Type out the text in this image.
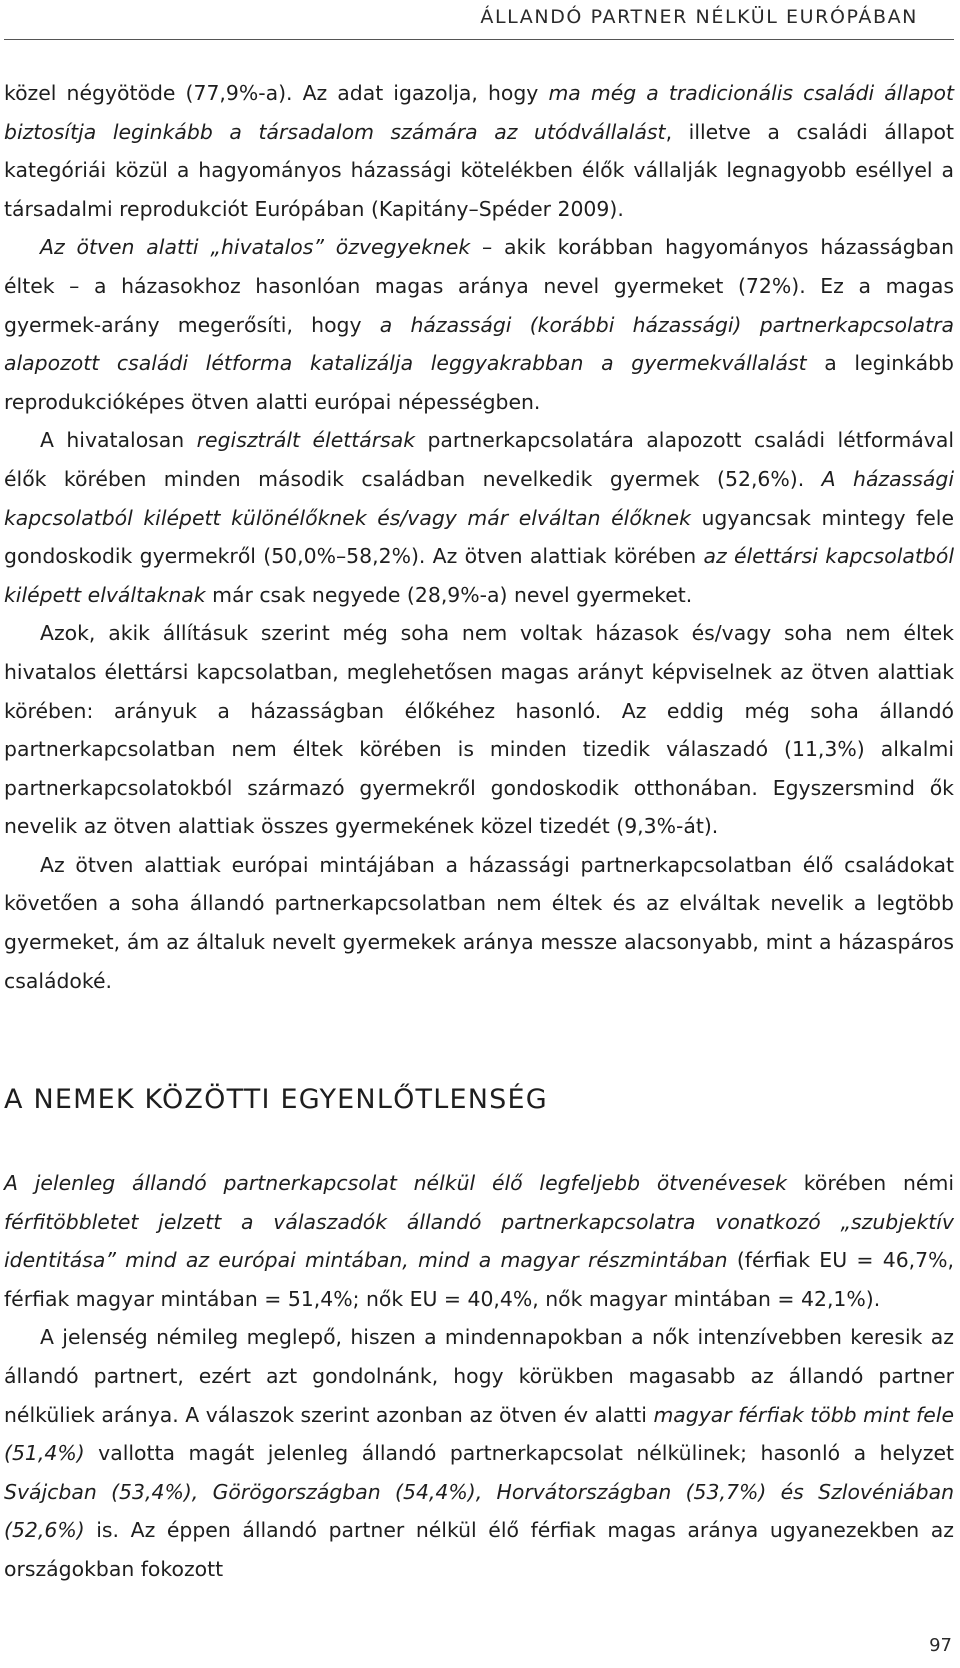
ÁLLANDÓ PARTNER NÉLKÜL EURÓPÁBAN

közel négyötöde (77,9%-a). Az adat igazolja, hogy ma még a tradicionális családi állapot biztosítja leginkább a társadalom számára az utódvállalást, illetve a családi állapot kategóriái közül a hagyományos házassági kötelékben élők vállalják legnagyobb eséllyel a társadalmi reprodukciót Európában (Kapitány–Spéder 2009).

Az ötven alatti „hivatalos” özvegyeknek – akik korábban hagyományos házasságban éltek – a házasokhoz hasonlóan magas aránya nevel gyermeket (72%). Ez a magas gyermek-arány megerősíti, hogy a házassági (korábbi házassági) partnerkapcsolatra alapozott családi létforma katalizálja leggyakrabban a gyermekvállalást a leginkább reprodukcióképes ötven alatti európai népességben.

A hivatalosan regisztrált élettársak partnerkapcsolatára alapozott családi létformával élők körében minden második családban nevelkedik gyermek (52,6%). A házassági kapcsolatból kilépett különélőknek és/vagy már elváltan élőknek ugyancsak mintegy fele gondoskodik gyermekről (50,0%–58,2%). Az ötven alattiak körében az élettársi kapcsolatból kilépett elváltaknak már csak negyede (28,9%-a) nevel gyermeket.

Azok, akik állításuk szerint még soha nem voltak házasok és/vagy soha nem éltek hivatalos élettársi kapcsolatban, meglehetősen magas arányt képviselnek az ötven alattiak körében: arányuk a házasságban élőkéhez hasonló. Az eddig még soha állandó partnerkapcsolatban nem éltek körében is minden tizedik válaszadó (11,3%) alkalmi partnerkapcsolatokból származó gyermekről gondoskodik otthonában. Egyszersmind ők nevelik az ötven alattiak összes gyermekének közel tizedét (9,3%-át).

Az ötven alattiak európai mintájában a házassági partnerkapcsolatban élő családokat követően a soha állandó partnerkapcsolatban nem éltek és az elváltak nevelik a legtöbb gyermeket, ám az általuk nevelt gyermekek aránya messze alacsonyabb, mint a házaspáros családoké.

A NEMEK KÖZÖTTI EGYENLŐTLENSÉG

A jelenleg állandó partnerkapcsolat nélkül élő legfeljebb ötvenévesek körében némi férfitöbbletet jelzett a válaszadók állandó partnerkapcsolatra vonatkozó „szubjektív identitása” mind az európai mintában, mind a magyar részmintában (férfiak EU = 46,7%, férfiak magyar mintában = 51,4%; nők EU = 40,4%, nők magyar mintában = 42,1%).

A jelenség némileg meglepő, hiszen a mindennapokban a nők intenzívebben keresik az állandó partnert, ezért azt gondolnánk, hogy körükben magasabb az állandó partner nélküliek aránya. A válaszok szerint azonban az ötven év alatti magyar férfiak több mint fele (51,4%) vallotta magát jelenleg állandó partnerkapcsolat nélkülinek; hasonló a helyzet Svájcban (53,4%), Görögországban (54,4%), Horvátországban (53,7%) és Szlovéniában (52,6%) is. Az éppen állandó partner nélkül élő férfiak magas aránya ugyanezekben az országokban fokozott

97
